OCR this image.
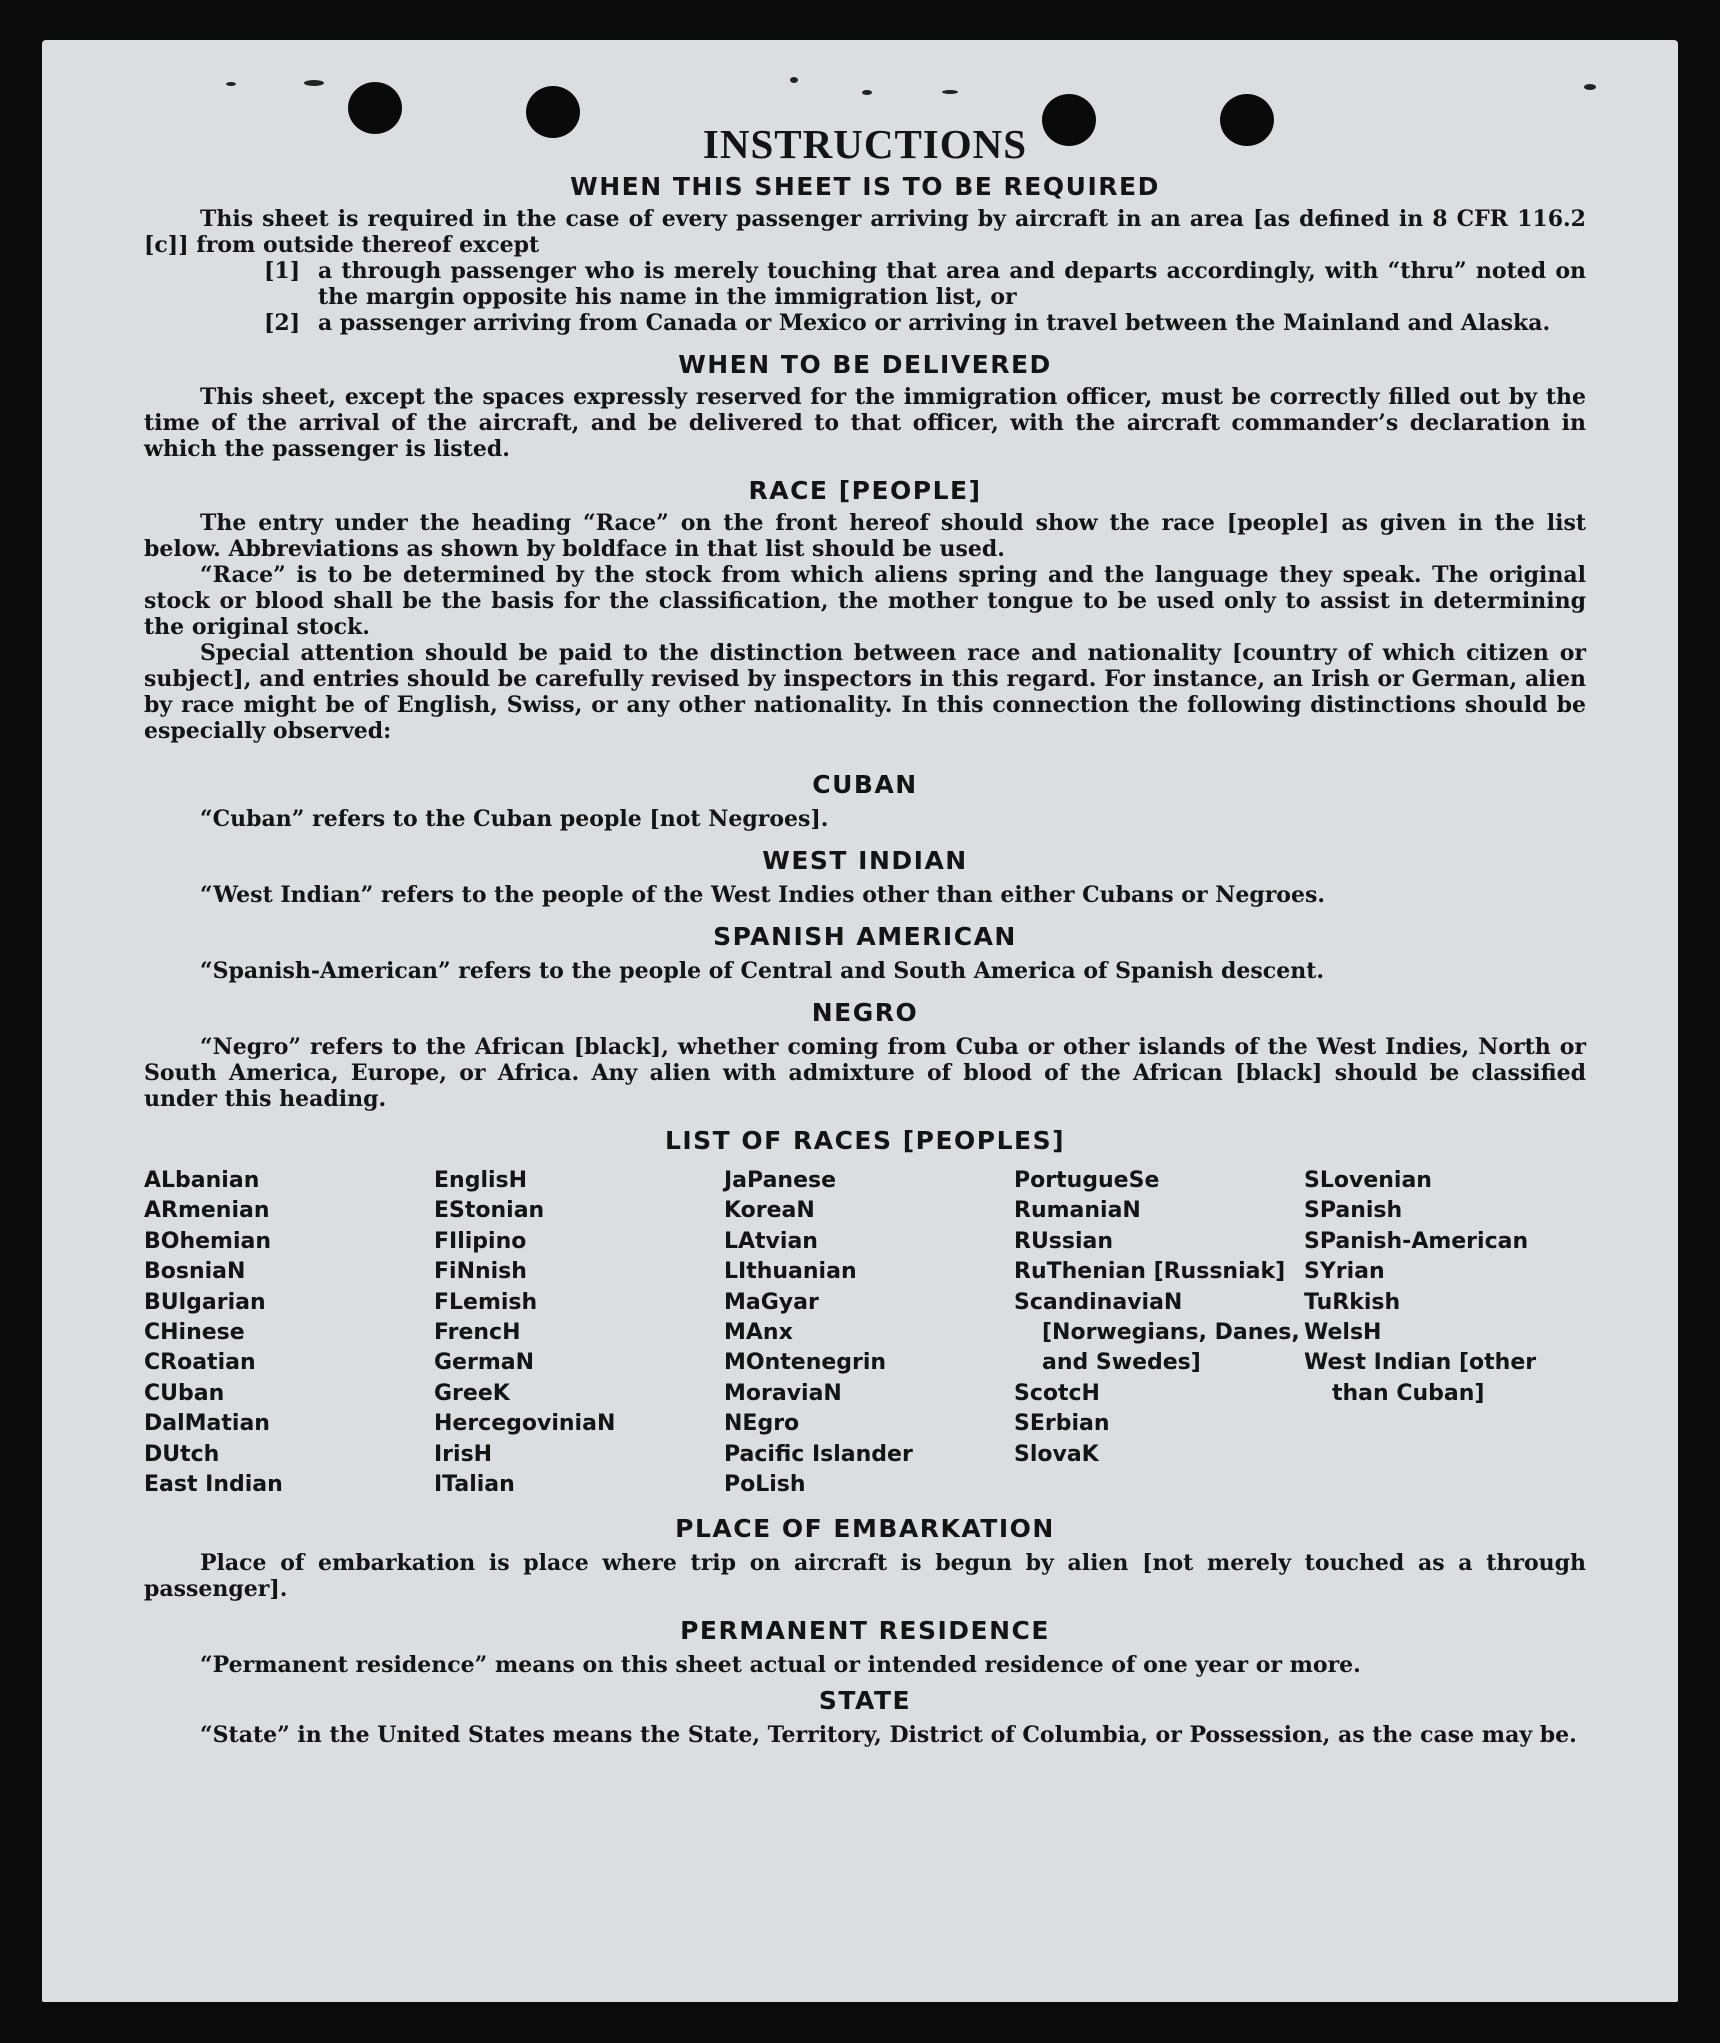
INSTRUCTIONS
WHEN THIS SHEET IS TO BE REQUIRED

This sheet is required in the case of every passenger arriving by aircraft in an area [as defined in 8 CFR 116.2 [c]] from outside thereof except

[1] a through passenger who is merely touching that area and departs accordingly, with “thru” noted on the margin opposite his name in the immigration list, or
[2] a passenger arriving from Canada or Mexico or arriving in travel between the Mainland and Alaska.
WHEN TO BE DELIVERED

This sheet, except the spaces expressly reserved for the immigration officer, must be correctly filled out by the time of the arrival of the aircraft, and be delivered to that officer, with the aircraft commander’s declaration in which the passenger is listed.

RACE [PEOPLE]

The entry under the heading “Race” on the front hereof should show the race [people] as given in the list below. Abbreviations as shown by boldface in that list should be used.

“Race” is to be determined by the stock from which aliens spring and the language they speak. The original stock or blood shall be the basis for the classification, the mother tongue to be used only to assist in determining the original stock.

Special attention should be paid to the distinction between race and nationality [country of which citizen or subject], and entries should be carefully revised by inspectors in this regard. For instance, an Irish or German, alien by race might be of English, Swiss, or any other nationality. In this connection the following distinctions should be especially observed:

CUBAN

“Cuban” refers to the Cuban people [not Negroes].

WEST INDIAN

“West Indian” refers to the people of the West Indies other than either Cubans or Negroes.

SPANISH AMERICAN

“Spanish-American” refers to the people of Central and South America of Spanish descent.

NEGRO

“Negro” refers to the African [black], whether coming from Cuba or other islands of the West Indies, North or South America, Europe, or Africa. Any alien with admixture of blood of the African [black] should be classified under this heading.

LIST OF RACES [PEOPLES]
ALbanian
ARmenian
BOhemian
BosniaN
BUlgarian
CHinese
CRoatian
CUban
DalMatian
DUtch
East Indian
EnglisH
EStonian
FIlipino
FiNnish
FLemish
FrencH
GermaN
GreeK
HercegoviniaN
IrisH
ITalian
JaPanese
KoreaN
LAtvian
LIthuanian
MaGyar
MAnx
MOntenegrin
MoraviaN
NEgro
Pacific Islander
PoLish
PortugueSe
RumaniaN
RUssian
RuThenian [Russniak]
ScandinaviaN [Norwegians, Danes, and Swedes]
ScotcH
SErbian
SlovaK
SLovenian
SPanish
SPanish-American
SYrian
TuRkish
WelsH
West Indian [other than Cuban]
PLACE OF EMBARKATION

Place of embarkation is place where trip on aircraft is begun by alien [not merely touched as a through passenger].

PERMANENT RESIDENCE

“Permanent residence” means on this sheet actual or intended residence of one year or more.

STATE

“State” in the United States means the State, Territory, District of Columbia, or Possession, as the case may be.
